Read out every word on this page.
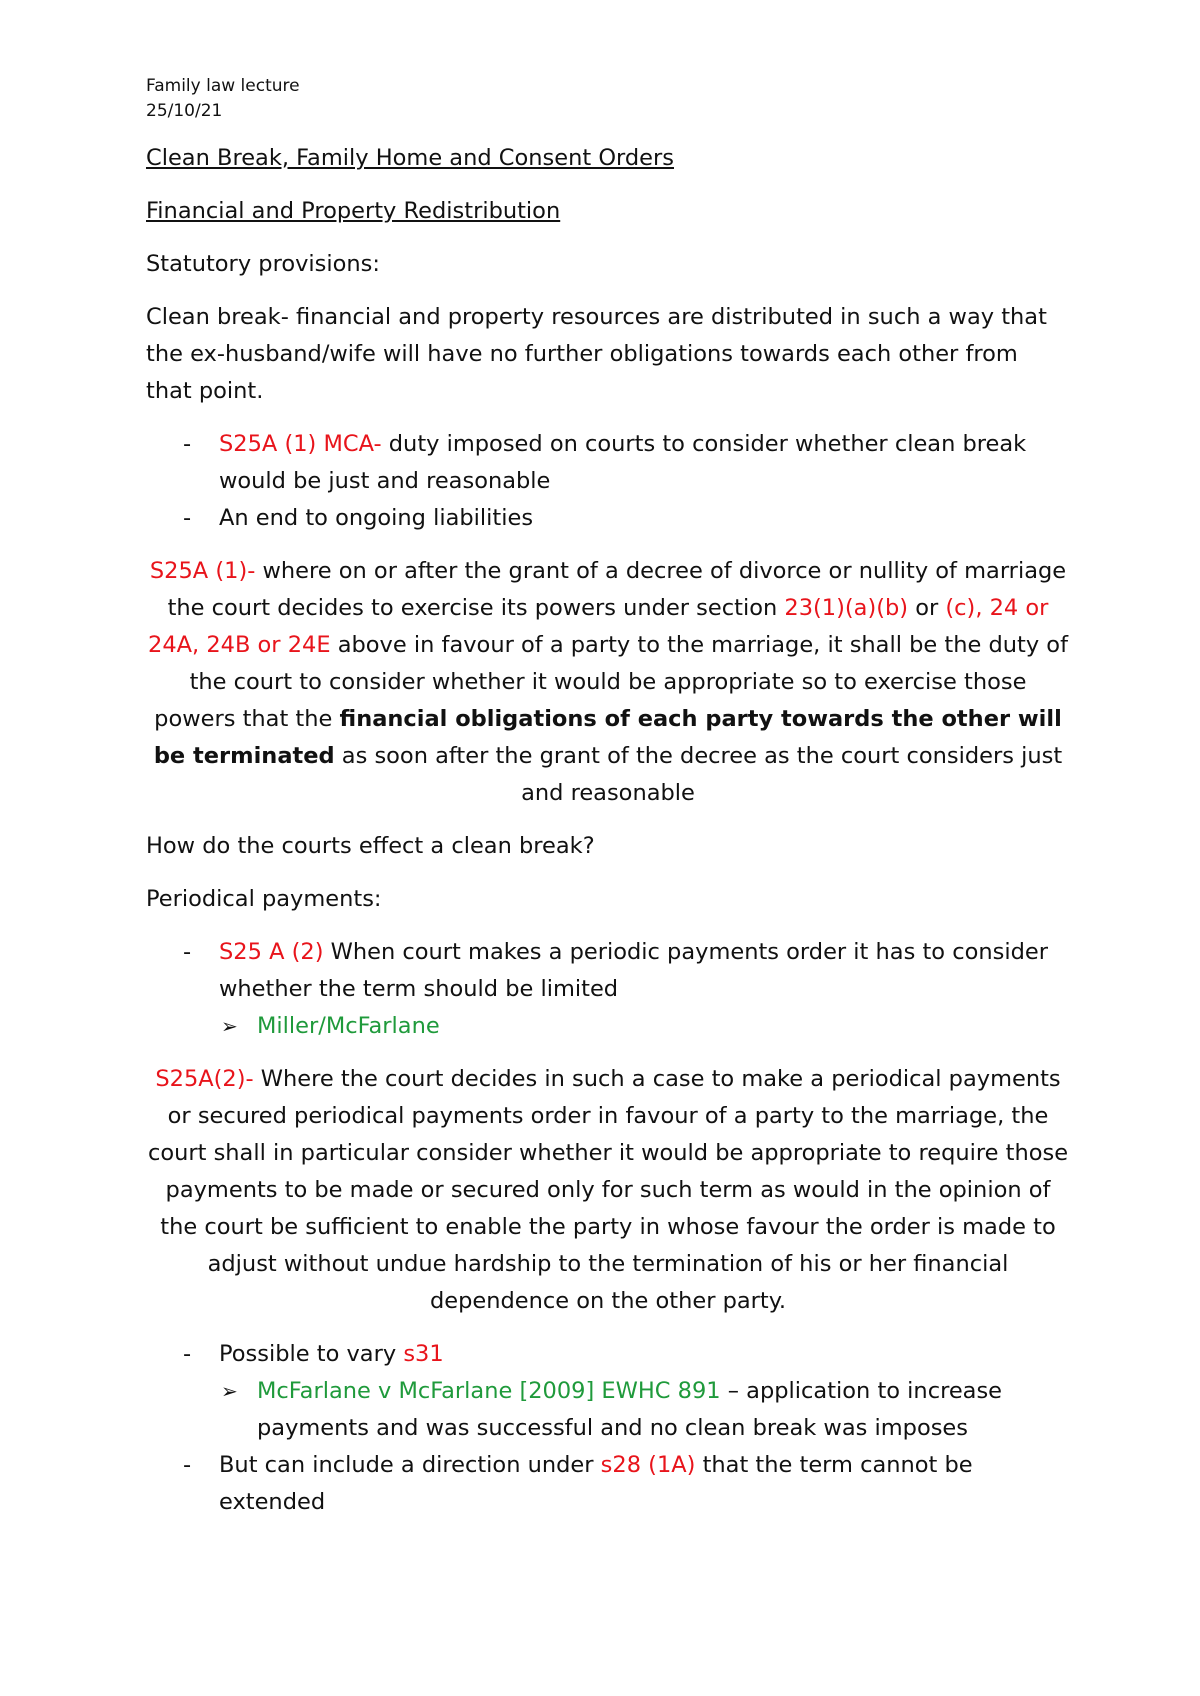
Family law lecture
25/10/21
Clean Break, Family Home and Consent Orders
Financial and Property Redistribution
Statutory provisions:
Clean break- financial and property resources are distributed in such a way that the ex-husband/wife will have no further obligations towards each other from that point.
- S25A (1) MCA- duty imposed on courts to consider whether clean break would be just and reasonable
- An end to ongoing liabilities
S25A (1)- where on or after the grant of a decree of divorce or nullity of marriage the court decides to exercise its powers under section 23(1)(a)(b) or (c), 24 or 24A, 24B or 24E above in favour of a party to the marriage, it shall be the duty of the court to consider whether it would be appropriate so to exercise those powers that the financial obligations of each party towards the other will be terminated as soon after the grant of the decree as the court considers just and reasonable
How do the courts effect a clean break?
Periodical payments:
- S25 A (2) When court makes a periodic payments order it has to consider whether the term should be limited
➢ Miller/McFarlane
S25A(2)- Where the court decides in such a case to make a periodical payments or secured periodical payments order in favour of a party to the marriage, the court shall in particular consider whether it would be appropriate to require those payments to be made or secured only for such term as would in the opinion of the court be sufficient to enable the party in whose favour the order is made to adjust without undue hardship to the termination of his or her financial dependence on the other party.
- Possible to vary s31
➢ McFarlane v McFarlane [2009] EWHC 891 – application to increase payments and was successful and no clean break was imposes
- But can include a direction under s28 (1A) that the term cannot be extended
